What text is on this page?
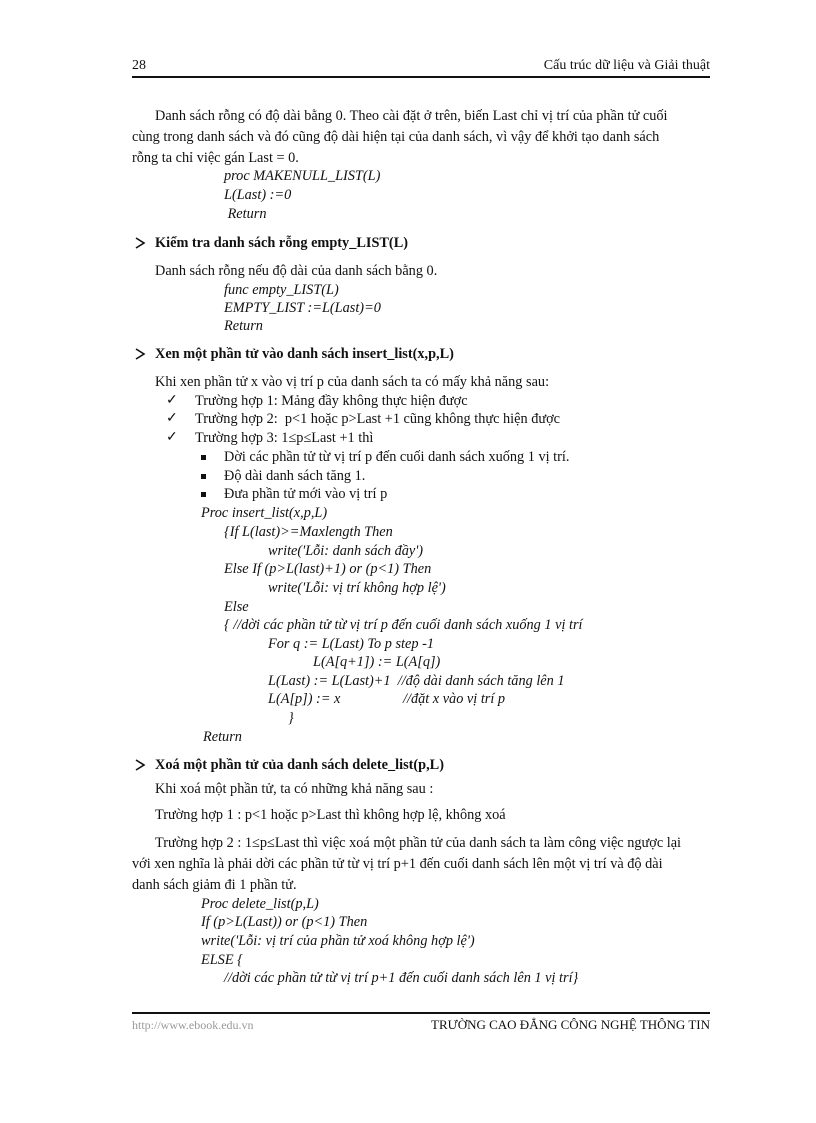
28	Cấu trúc dữ liệu và Giải thuật
Danh sách rỗng có độ dài bằng 0. Theo cài đặt ở trên, biến Last chỉ vị trí của phần tử cuối
cùng trong danh sách và đó cũng độ dài hiện tại của danh sách, vì vậy để khởi tạo danh sách
rỗng ta chỉ việc gán Last = 0.
proc MAKENULL_LIST(L)
L(Last) :=0
Return
Kiểm tra danh sách rỗng empty_LIST(L)
Danh sách rỗng nếu độ dài của danh sách bằng 0.
func empty_LIST(L)
EMPTY_LIST :=L(Last)=0
Return
Xen một phần tử vào danh sách insert_list(x,p,L)
Khi xen phần tử x vào vị trí p của danh sách ta có mấy khả năng sau:
✓ Trường hợp 1: Mảng đầy không thực hiện được
✓ Trường hợp 2:  p<1 hoặc p>Last +1 cũng không thực hiện được
✓ Trường hợp 3: 1≤p≤Last +1 thì
Dời các phần tử từ vị trí p đến cuối danh sách xuống 1 vị trí.
Độ dài danh sách tăng 1.
Đưa phần tử mới vào vị trí p
Proc insert_list(x,p,L)
{If L(last)>=Maxlength Then
write('Lỗi: danh sách đầy')
Else If (p>L(last)+1) or (p<1) Then
write('Lỗi: vị trí không hợp lệ')
Else
{ //dời các phần tử từ vị trí p đến cuối danh sách xuống 1 vị trí
For q := L(Last) To p step -1
L(A[q+1]) := L(A[q])
L(Last) := L(Last)+1  //độ dài danh sách tăng lên 1
L(A[p]) := x	//đặt x vào vị trí p
}
Return
Xoá một phần tử của danh sách delete_list(p,L)
Khi xoá một phần tử, ta có những khả năng sau :
Trường hợp 1 : p<1 hoặc p>Last thì không hợp lệ, không xoá
Trường hợp 2 : 1≤p≤Last thì việc xoá một phần tử của danh sách ta làm công việc ngược lại
với xen nghĩa là phải dời các phần tử từ vị trí p+1 đến cuối danh sách lên một vị trí và độ dài
danh sách giảm đi 1 phần tử.
Proc delete_list(p,L)
If (p>L(Last)) or (p<1) Then
write('Lỗi: vị trí của phần tử xoá không hợp lệ')
ELSE {
//dời các phần tử từ vị trí p+1 đến cuối danh sách lên 1 vị trí}
http://www.ebook.edu.vn	TRƯỜNG CAO ĐẲNG CÔNG NGHỆ THÔNG TIN
